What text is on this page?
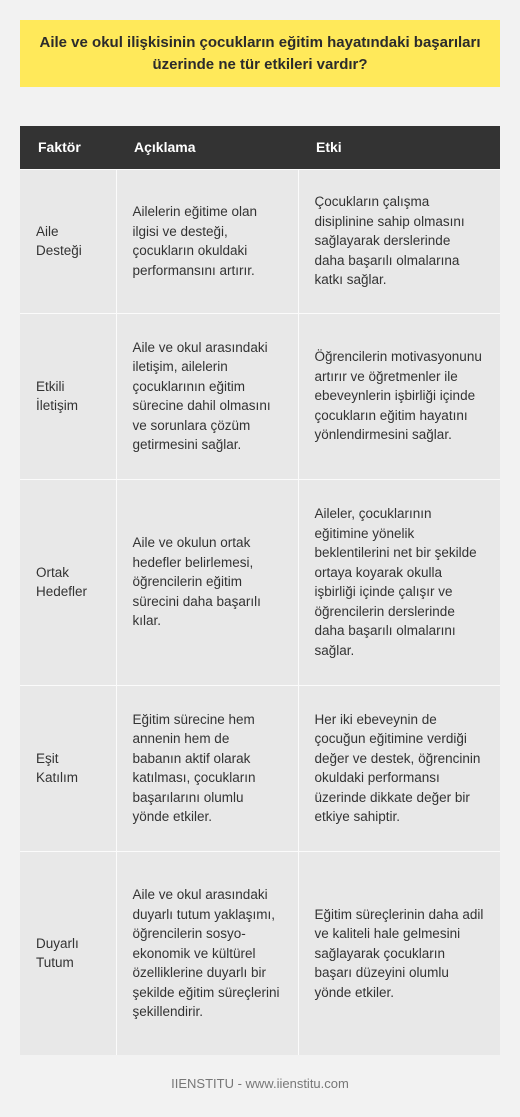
Aile ve okul ilişkisinin çocukların eğitim hayatındaki başarıları üzerinde ne tür etkileri vardır?
Faktör	Açıklama	Etki
Aile Desteği	Ailelerin eğitime olan ilgisi ve desteği, çocukların okuldaki performansını artırır.	Çocukların çalışma disiplinine sahip olmasını sağlayarak derslerinde daha başarılı olmalarına katkı sağlar.
Etkili İletişim	Aile ve okul arasındaki iletişim, ailelerin çocuklarının eğitim sürecine dahil olmasını ve sorunlara çözüm getirmesini sağlar.	Öğrencilerin motivasyonunu artırır ve öğretmenler ile ebeveynlerin işbirliği içinde çocukların eğitim hayatını yönlendirmesini sağlar.
Ortak Hedefler	Aile ve okulun ortak hedefler belirlemesi, öğrencilerin eğitim sürecini daha başarılı kılar.	Aileler, çocuklarının eğitimine yönelik beklentilerini net bir şekilde ortaya koyarak okulla işbirliği içinde çalışır ve öğrencilerin derslerinde daha başarılı olmalarını sağlar.
Eşit Katılım	Eğitim sürecine hem annenin hem de babanın aktif olarak katılması, çocukların başarılarını olumlu yönde etkiler.	Her iki ebeveynin de çocuğun eğitimine verdiği değer ve destek, öğrencinin okuldaki performansı üzerinde dikkate değer bir etkiye sahiptir.
Duyarlı Tutum	Aile ve okul arasındaki duyarlı tutum yaklaşımı, öğrencilerin sosyo-ekonomik ve kültürel özelliklerine duyarlı bir şekilde eğitim süreçlerini şekillendirir.	Eğitim süreçlerinin daha adil ve kaliteli hale gelmesini sağlayarak çocukların başarı düzeyini olumlu yönde etkiler.
IIENSTITU - www.iienstitu.com
